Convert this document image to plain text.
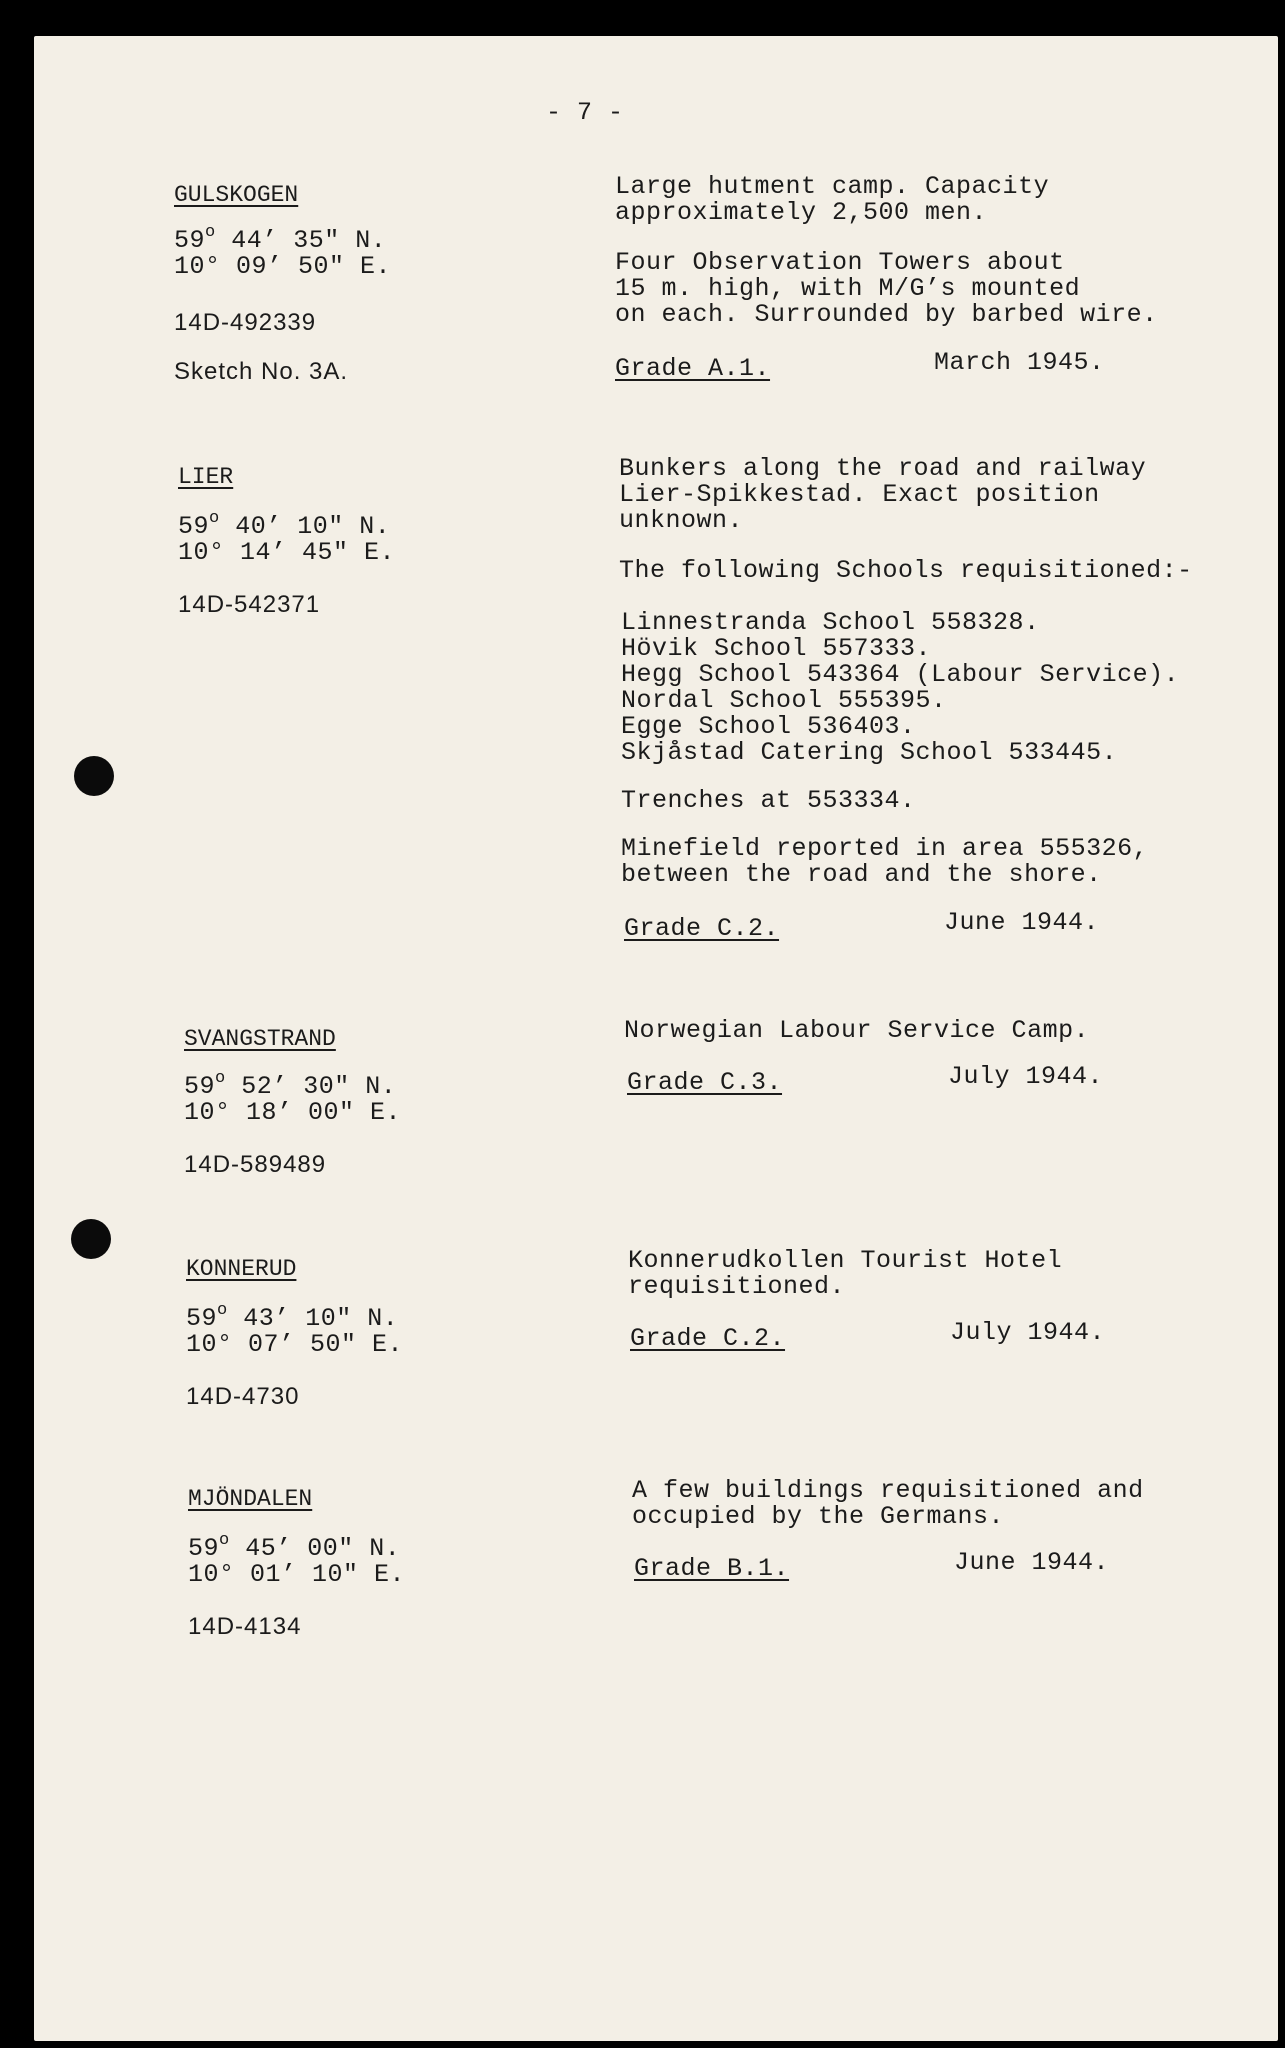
- 7 -
GULSKOGEN
59$^o$ 44’ 35" N.
10° 09’ 50" E.
14D-492339
Sketch No. 3A.
Large hutment camp. Capacity
approximately 2,500 men.
Four Observation Towers about
15 m. high, with M/G’s mounted
on each. Surrounded by barbed wire.
Grade A.1.	March 1945.
LIER
59$^o$ 40’ 10" N.
10° 14’ 45" E.
14D-542371
Bunkers along the road and railway
Lier-Spikkestad. Exact position
unknown.
The following Schools requisitioned:-
Linnestranda School 558328.
Hövik School 557333.
Hegg School 543364 (Labour Service).
Nordal School 555395.
Egge School 536403.
Skjåstad Catering School 533445.
Trenches at 553334.
Minefield reported in area 555326,
between the road and the shore.
Grade C.2.	June 1944.
SVANGSTRAND
59$^o$ 52’ 30" N.
10° 18’ 00" E.
14D-589489
Norwegian Labour Service Camp.
Grade C.3.	July 1944.
KONNERUD
59$^o$ 43’ 10" N.
10° 07’ 50" E.
14D-4730
Konnerudkollen Tourist Hotel
requisitioned.
Grade C.2.	July 1944.
MJÖNDALEN
59$^o$ 45’ 00" N.
10° 01’ 10" E.
14D-4134
A few buildings requisitioned and
occupied by the Germans.
Grade B.1.	June 1944.
